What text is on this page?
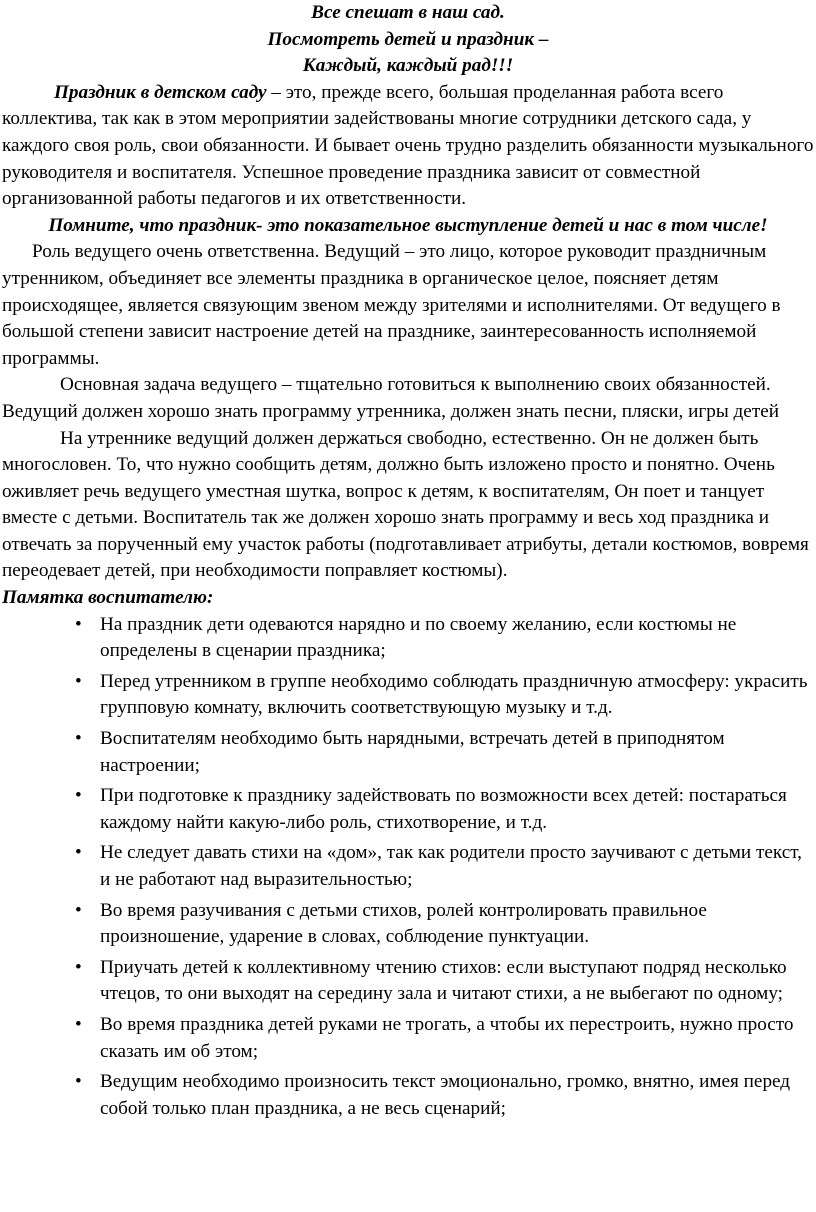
Все спешат в наш сад.
Посмотреть детей и праздник –
Каждый, каждый рад!!!

Праздник в детском саду – это, прежде всего, большая проделанная работа всего коллектива, так как в этом мероприятии задействованы многие сотрудники детского сада, у каждого своя роль, свои обязанности. И бывает очень трудно разделить обязанности музыкального руководителя и воспитателя. Успешное проведение праздника зависит от совместной организованной работы педагогов и их ответственности.

Помните, что праздник- это показательное выступление детей и нас в том числе!

Роль ведущего очень ответственна. Ведущий – это лицо, которое руководит праздничным утренником, объединяет все элементы праздника в органическое целое, поясняет детям происходящее, является связующим звеном между зрителями и исполнителями. От ведущего в большой степени зависит настроение детей на празднике, заинтересованность исполняемой программы.

Основная задача ведущего – тщательно готовиться к выполнению своих обязанностей. Ведущий должен хорошо знать программу утренника, должен знать песни, пляски, игры детей

На утреннике ведущий должен держаться свободно, естественно. Он не должен быть многословен. То, что нужно сообщить детям, должно быть изложено просто и понятно. Очень оживляет речь ведущего уместная шутка, вопрос к детям, к воспитателям, Он поет и танцует вместе с детьми. Воспитатель так же должен хорошо знать программу и весь ход праздника и отвечать за порученный ему участок работы (подготавливает атрибуты, детали костюмов, вовремя переодевает детей, при необходимости поправляет костюмы).

Памятка воспитателю:

• На праздник дети одеваются нарядно и по своему желанию, если костюмы не определены в сценарии праздника;
• Перед утренником в группе необходимо соблюдать праздничную атмосферу: украсить групповую комнату, включить соответствующую музыку и т.д.
• Воспитателям необходимо быть нарядными, встречать детей в приподнятом настроении;
• При подготовке к празднику задействовать по возможности всех детей: постараться каждому найти какую-либо роль, стихотворение, и т.д.
• Не следует давать стихи на «дом», так как родители просто заучивают с детьми текст, и не работают над выразительностью;
• Во время разучивания с детьми стихов, ролей контролировать правильное произношение, ударение в словах, соблюдение пунктуации.
• Приучать детей к коллективному чтению стихов: если выступают подряд несколько чтецов, то они выходят на середину зала и читают стихи, а не выбегают по одному;
• Во время праздника детей руками не трогать, а чтобы их перестроить, нужно просто сказать им об этом;
• Ведущим необходимо произносить текст эмоционально, громко, внятно, имея перед собой только план праздника, а не весь сценарий;
